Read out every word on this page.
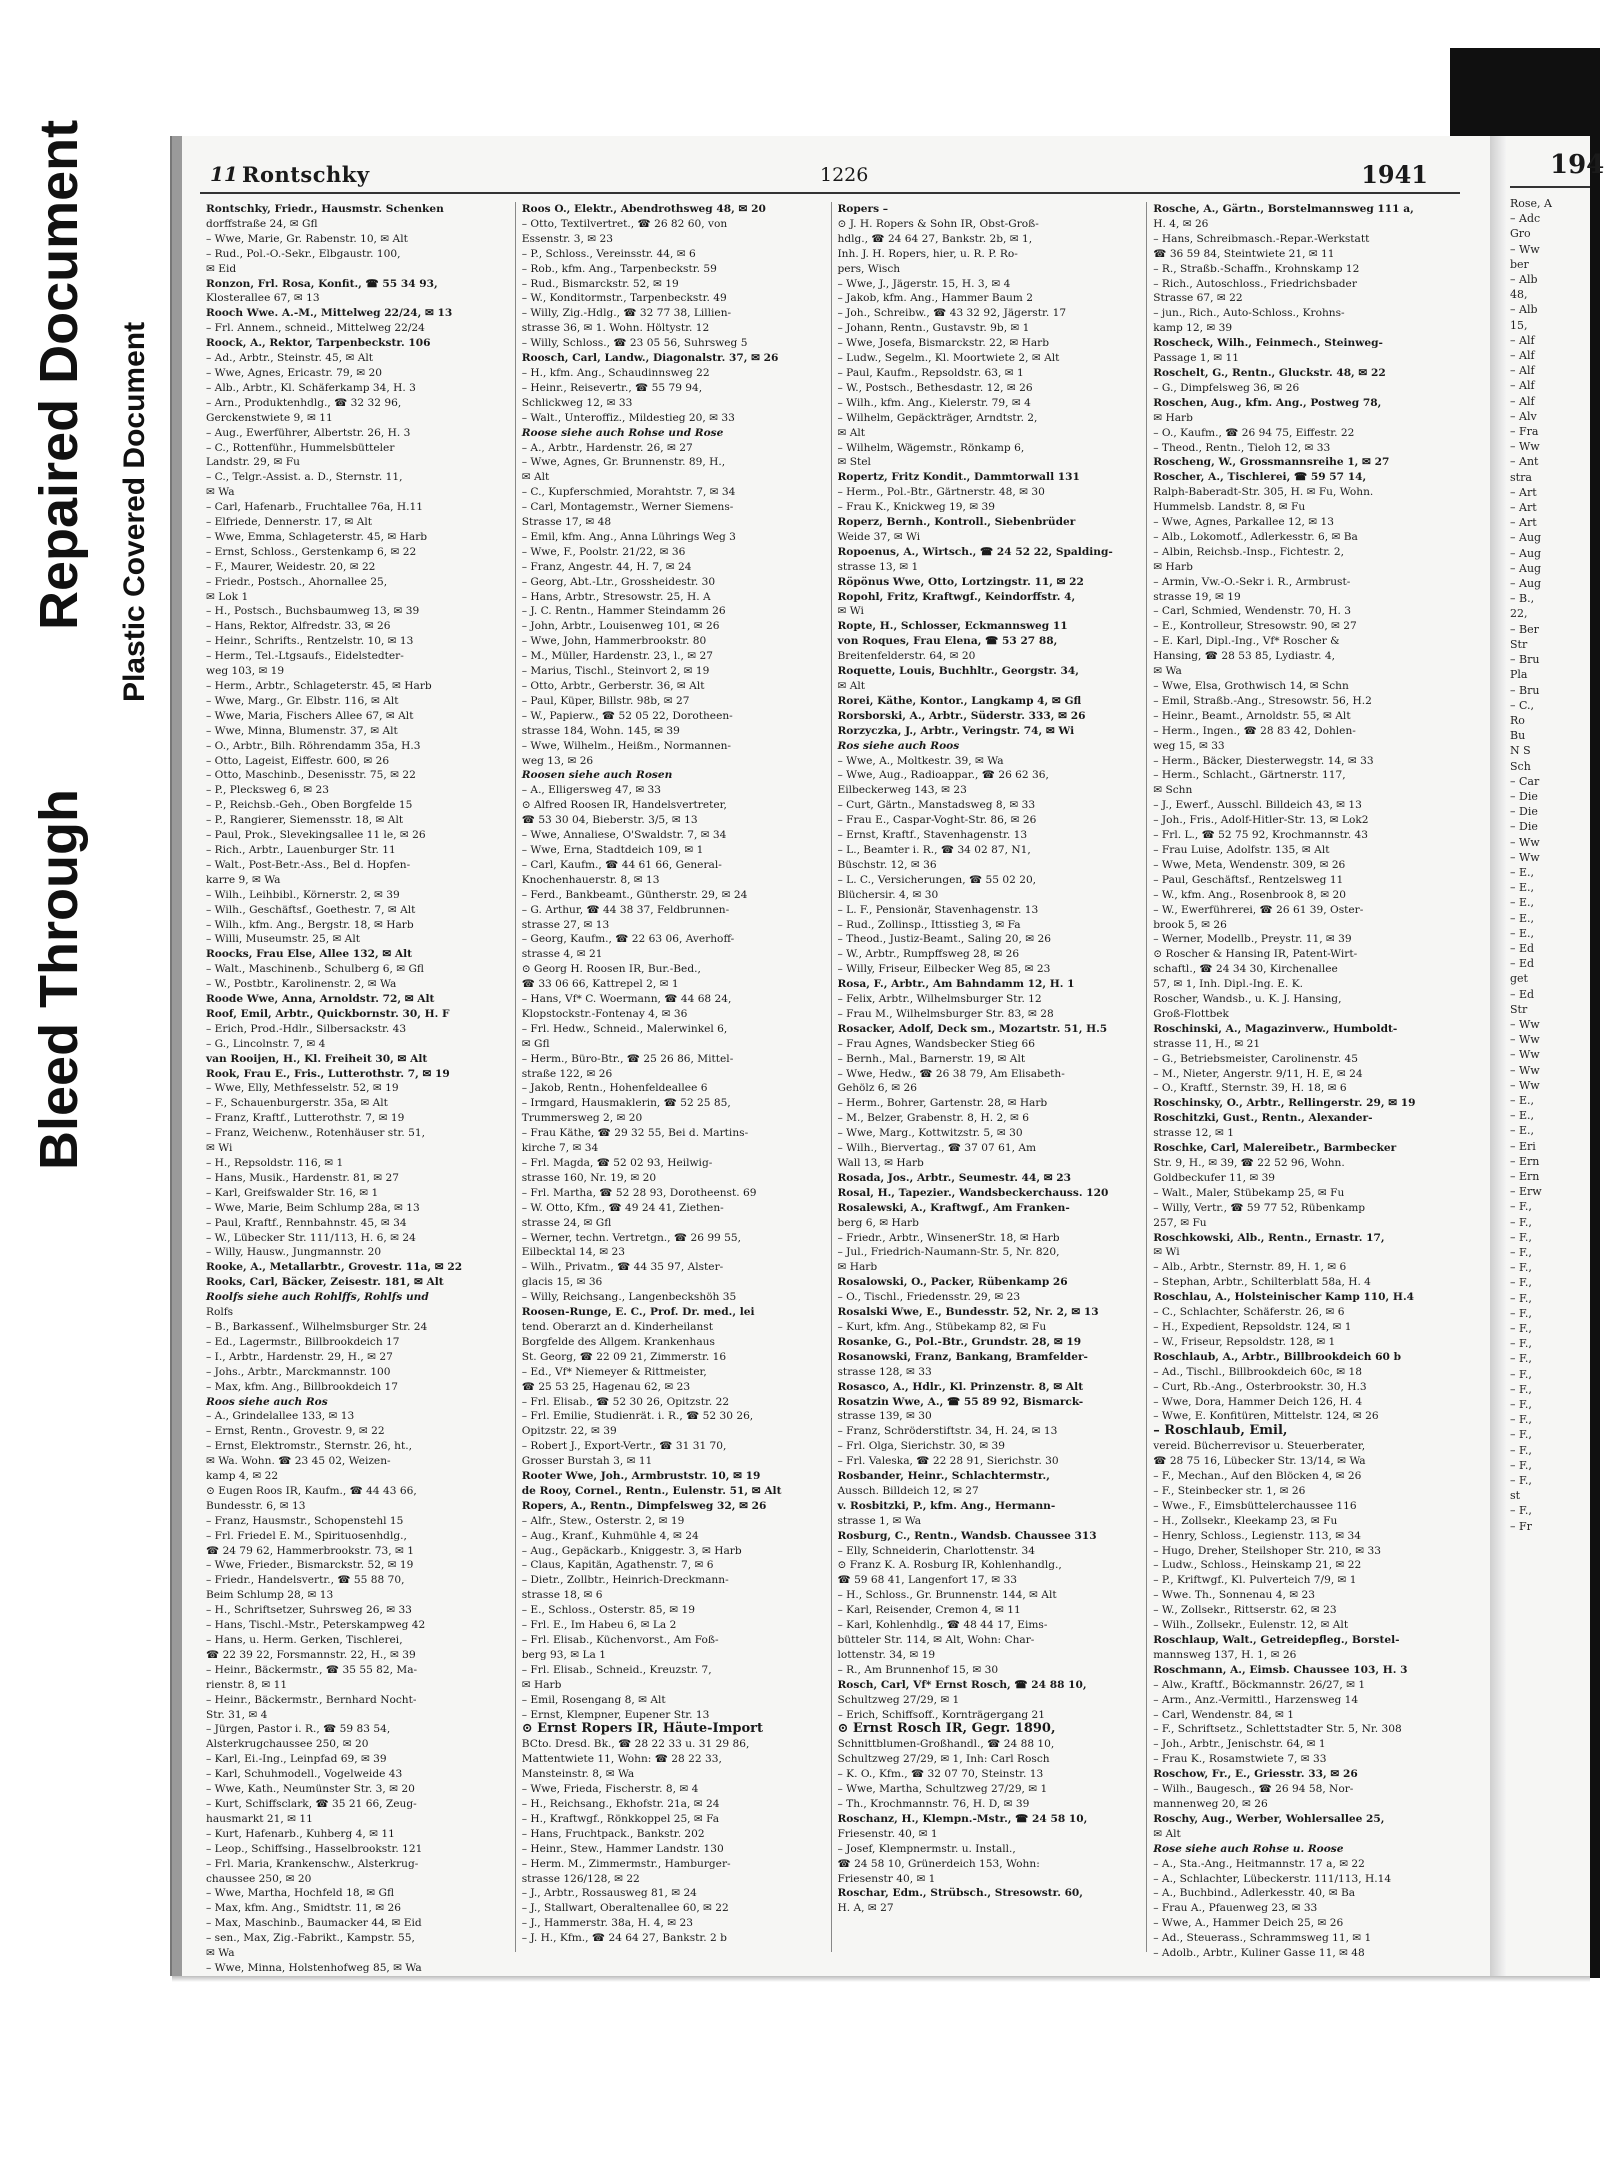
Bleed Through
Repaired Document Plastic Covered Document
11 Rontschky	1226	1941
Rontschky, Friedr., Hausmstr. Schenken
dorffstraße 24, ✉ Gfl
– Wwe, Marie, Gr. Rabenstr. 10, ✉ Alt
– Rud., Pol.-O.-Sekr., Elbgaustr. 100,
✉ Eid
Ronzon, Frl. Rosa, Konfit., ☎ 55 34 93,
Klosterallee 67, ✉ 13
Rooch Wwe. A.-M., Mittelweg 22/24, ✉ 13
– Frl. Annem., schneid., Mittelweg 22/24
Roock, A., Rektor, Tarpenbeckstr. 106
– Ad., Arbtr., Steinstr. 45, ✉ Alt
– Wwe, Agnes, Ericastr. 79, ✉ 20
– Alb., Arbtr., Kl. Schäferkamp 34, H. 3
– Arn., Produktenhdlg., ☎ 32 32 96,
Gerckenstwiete 9, ✉ 11
– Aug., Ewerführer, Albertstr. 26, H. 3
– C., Rottenführ., Hummelsbütteler
Landstr. 29, ✉ Fu
– C., Telgr.-Assist. a. D., Sternstr. 11,
✉ Wa
– Carl, Hafenarb., Fruchtallee 76a, H.11
– Elfriede, Dennerstr. 17, ✉ Alt
– Wwe, Emma, Schlageterstr. 45, ✉ Harb
– Ernst, Schloss., Gerstenkamp 6, ✉ 22
– F., Maurer, Weidestr. 20, ✉ 22
– Friedr., Postsch., Ahornallee 25,
✉ Lok 1
– H., Postsch., Buchsbaumweg 13, ✉ 39
– Hans, Rektor, Alfredstr. 33, ✉ 26
– Heinr., Schrifts., Rentzelstr. 10, ✉ 13
– Herm., Tel.-Ltgsaufs., Eidelstedter-
weg 103, ✉ 19
– Herm., Arbtr., Schlageterstr. 45, ✉ Harb
– Wwe, Marg., Gr. Elbstr. 116, ✉ Alt
– Wwe, Maria, Fischers Allee 67, ✉ Alt
– Wwe, Minna, Blumenstr. 37, ✉ Alt
– O., Arbtr., Bilh. Röhrendamm 35a, H.3
– Otto, Lageist, Eiffestr. 600, ✉ 26
– Otto, Maschinb., Desenisstr. 75, ✉ 22
– P., Plecksweg 6, ✉ 23
– P., Reichsb.-Geh., Oben Borgfelde 15
– P., Rangierer, Siemensstr. 18, ✉ Alt
– Paul, Prok., Slevekingsallee 11 le, ✉ 26
– Rich., Arbtr., Lauenburger Str. 11
– Walt., Post-Betr.-Ass., Bel d. Hopfen-
karre 9, ✉ Wa
– Wilh., Leihbibl., Körnerstr. 2, ✉ 39
– Wilh., Geschäftsf., Goethestr. 7, ✉ Alt
– Wilh., kfm. Ang., Bergstr. 18, ✉ Harb
– Willi, Museumstr. 25, ✉ Alt
Roocks, Frau Else, Allee 132, ✉ Alt
– Walt., Maschinenb., Schulberg 6, ✉ Gfl
– W., Postbtr., Karolinenstr. 2, ✉ Wa
Roode Wwe, Anna, Arnoldstr. 72, ✉ Alt
Roof, Emil, Arbtr., Quickbornstr. 30, H. F
– Erich, Prod.-Hdlr., Silbersackstr. 43
– G., Lincolnstr. 7, ✉ 4
van Rooijen, H., Kl. Freiheit 30, ✉ Alt
Rook, Frau E., Fris., Lutterothstr. 7, ✉ 19
– Wwe, Elly, Methfesselstr. 52, ✉ 19
– F., Schauenburgerstr. 35a, ✉ Alt
– Franz, Kraftf., Lutterothstr. 7, ✉ 19
– Franz, Weichenw., Rotenhäuser str. 51,
✉ Wi
– H., Repsoldstr. 116, ✉ 1
– Hans, Musik., Hardenstr. 81, ✉ 27
– Karl, Greifswalder Str. 16, ✉ 1
– Wwe, Marie, Beim Schlump 28a, ✉ 13
– Paul, Kraftf., Rennbahnstr. 45, ✉ 34
– W., Lübecker Str. 111/113, H. 6, ✉ 24
– Willy, Hausw., Jungmannstr. 20
Rooke, A., Metallarbtr., Grovestr. 11a, ✉ 22
Rooks, Carl, Bäcker, Zeisestr. 181, ✉ Alt
Roolfs siehe auch Rohlffs, Rohlfs und
Rolfs
– B., Barkassenf., Wilhelmsburger Str. 24
– Ed., Lagermstr., Billbrookdeich 17
– I., Arbtr., Hardenstr. 29, H., ✉ 27
– Johs., Arbtr., Marckmannstr. 100
– Max, kfm. Ang., Billbrookdeich 17
Roos siehe auch Ros
– A., Grindelallee 133, ✉ 13
– Ernst, Rentn., Grovestr. 9, ✉ 22
– Ernst, Elektromstr., Sternstr. 26, ht.,
✉ Wa. Wohn. ☎ 23 45 02, Weizen-
kamp 4, ✉ 22
⊙ Eugen Roos IR, Kaufm., ☎ 44 43 66,
Bundesstr. 6, ✉ 13
– Franz, Hausmstr., Schopenstehl 15
– Frl. Friedel E. M., Spirituosenhdlg.,
☎ 24 79 62, Hammerbrookstr. 73, ✉ 1
– Wwe, Frieder., Bismarckstr. 52, ✉ 19
– Friedr., Handelsvertr., ☎ 55 88 70,
Beim Schlump 28, ✉ 13
– H., Schriftsetzer, Suhrsweg 26, ✉ 33
– Hans, Tischl.-Mstr., Peterskampweg 42
– Hans, u. Herm. Gerken, Tischlerei,
☎ 22 39 22, Forsmannstr. 22, H., ✉ 39
– Heinr., Bäckermstr., ☎ 35 55 82, Ma-
rienstr. 8, ✉ 11
– Heinr., Bäckermstr., Bernhard Nocht-
Str. 31, ✉ 4
– Jürgen, Pastor i. R., ☎ 59 83 54,
Alsterkrugchaussee 250, ✉ 20
– Karl, Ei.-Ing., Leinpfad 69, ✉ 39
– Karl, Schuhmodell., Vogelweide 43
– Wwe, Kath., Neumünster Str. 3, ✉ 20
– Kurt, Schiffsclark, ☎ 35 21 66, Zeug-
hausmarkt 21, ✉ 11
– Kurt, Hafenarb., Kuhberg 4, ✉ 11
– Leop., Schiffsing., Hasselbrookstr. 121
– Frl. Maria, Krankenschw., Alsterkrug-
chaussee 250, ✉ 20
– Wwe, Martha, Hochfeld 18, ✉ Gfl
– Max, kfm. Ang., Smidtstr. 11, ✉ 26
– Max, Maschinb., Baumacker 44, ✉ Eid
– sen., Max, Zig.-Fabrikt., Kampstr. 55,
✉ Wa
– Wwe, Minna, Holstenhofweg 85, ✉ Wa
Roos O., Elektr., Abendrothsweg 48, ✉ 20
– Otto, Textilvertret., ☎ 26 82 60, von
Essenstr. 3, ✉ 23
– P., Schloss., Vereinsstr. 44, ✉ 6
– Rob., kfm. Ang., Tarpenbeckstr. 59
– Rud., Bismarckstr. 52, ✉ 19
– W., Konditormstr., Tarpenbeckstr. 49
– Willy, Zig.-Hdlg., ☎ 32 77 38, Lillien-
strasse 36, ✉ 1. Wohn. Höltystr. 12
– Willy, Schloss., ☎ 23 05 56, Suhrsweg 5
Roosch, Carl, Landw., Diagonalstr. 37, ✉ 26
– H., kfm. Ang., Schaudinnsweg 22
– Heinr., Reisevertr., ☎ 55 79 94,
Schlickweg 12, ✉ 33
– Walt., Unteroffiz., Mildestieg 20, ✉ 33
Roose siehe auch Rohse und Rose
– A., Arbtr., Hardenstr. 26, ✉ 27
– Wwe, Agnes, Gr. Brunnenstr. 89, H.,
✉ Alt
– C., Kupferschmied, Morahtstr. 7, ✉ 34
– Carl, Montagemstr., Werner Siemens-
Strasse 17, ✉ 48
– Emil, kfm. Ang., Anna Lührings Weg 3
– Wwe, F., Poolstr. 21/22, ✉ 36
– Franz, Angestr. 44, H. 7, ✉ 24
– Georg, Abt.-Ltr., Grossheidestr. 30
– Hans, Arbtr., Stresowstr. 25, H. A
– J. C. Rentn., Hammer Steindamm 26
– John, Arbtr., Louisenweg 101, ✉ 26
– Wwe, John, Hammerbrookstr. 80
– M., Müller, Hardenstr. 23, l., ✉ 27
– Marius, Tischl., Steinvort 2, ✉ 19
– Otto, Arbtr., Gerberstr. 36, ✉ Alt
– Paul, Küper, Billstr. 98b, ✉ 27
– W., Papierw., ☎ 52 05 22, Dorotheen-
strasse 184, Wohn. 145, ✉ 39
– Wwe, Wilhelm., Heißm., Normannen-
weg 13, ✉ 26
Roosen siehe auch Rosen
– A., Elligersweg 47, ✉ 33
⊙ Alfred Roosen IR, Handelsvertreter,
☎ 53 30 04, Bieberstr. 3/5, ✉ 13
– Wwe, Annaliese, O'Swaldstr. 7, ✉ 34
– Wwe, Erna, Stadtdeich 109, ✉ 1
– Carl, Kaufm., ☎ 44 61 66, General-
Knochenhauerstr. 8, ✉ 13
– Ferd., Bankbeamt., Güntherstr. 29, ✉ 24
– G. Arthur, ☎ 44 38 37, Feldbrunnen-
strasse 27, ✉ 13
– Georg, Kaufm., ☎ 22 63 06, Averhoff-
strasse 4, ✉ 21
⊙ Georg H. Roosen IR, Bur.-Bed.,
☎ 33 06 66, Kattrepel 2, ✉ 1
– Hans, Vf* C. Woermann, ☎ 44 68 24,
Klopstockstr.-Fontenay 4, ✉ 36
– Frl. Hedw., Schneid., Malerwinkel 6,
✉ Gfl
– Herm., Büro-Btr., ☎ 25 26 86, Mittel-
straße 122, ✉ 26
– Jakob, Rentn., Hohenfeldeallee 6
– Irmgard, Hausmaklerin, ☎ 52 25 85,
Trummersweg 2, ✉ 20
– Frau Käthe, ☎ 29 32 55, Bei d. Martins-
kirche 7, ✉ 34
– Frl. Magda, ☎ 52 02 93, Heilwig-
strasse 160, Nr. 19, ✉ 20
– Frl. Martha, ☎ 52 28 93, Dorotheenst. 69
– W. Otto, Kfm., ☎ 49 24 41, Ziethen-
strasse 24, ✉ Gfl
– Werner, techn. Vertretgn., ☎ 26 99 55,
Eilbecktal 14, ✉ 23
– Wilh., Privatm., ☎ 44 35 97, Alster-
glacis 15, ✉ 36
– Willy, Reichsang., Langenbeckshöh 35
Roosen-Runge, E. C., Prof. Dr. med., lei
tend. Oberarzt an d. Kinderheilanst
Borgfelde des Allgem. Krankenhaus
St. Georg, ☎ 22 09 21, Zimmerstr. 16
– Ed., Vf* Niemeyer & Rittmeister,
☎ 25 53 25, Hagenau 62, ✉ 23
– Frl. Elisab., ☎ 52 30 26, Opitzstr. 22
– Frl. Emilie, Studienrät. i. R., ☎ 52 30 26,
Opitzstr. 22, ✉ 39
– Robert J., Export-Vertr., ☎ 31 31 70,
Grosser Burstah 3, ✉ 11
Rooter Wwe, Joh., Armbruststr. 10, ✉ 19
de Rooy, Cornel., Rentn., Eulenstr. 51, ✉ Alt
Ropers, A., Rentn., Dimpfelsweg 32, ✉ 26
– Alfr., Stew., Osterstr. 2, ✉ 19
– Aug., Kranf., Kuhmühle 4, ✉ 24
– Aug., Gepäckarb., Kniggestr. 3, ✉ Harb
– Claus, Kapitän, Agathenstr. 7, ✉ 6
– Dietr., Zollbtr., Heinrich-Dreckmann-
strasse 18, ✉ 6
– E., Schloss., Osterstr. 85, ✉ 19
– Frl. E., Im Habeu 6, ✉ La 2
– Frl. Elisab., Küchenvorst., Am Foß-
berg 93, ✉ La 1
– Frl. Elisab., Schneid., Kreuzstr. 7,
✉ Harb
– Emil, Rosengang 8, ✉ Alt
– Ernst, Klempner, Eupener Str. 13
⊙ Ernst Ropers IR, Häute-Import
BCto. Dresd. Bk., ☎ 28 22 33 u. 31 29 86,
Mattentwiete 11, Wohn: ☎ 28 22 33,
Mansteinstr. 8, ✉ Wa
– Wwe, Frieda, Fischerstr. 8, ✉ 4
– H., Reichsang., Ekhofstr. 21a, ✉ 24
– H., Kraftwgf., Rönkkoppel 25, ✉ Fa
– Hans, Fruchtpack., Bankstr. 202
– Heinr., Stew., Hammer Landstr. 130
– Herm. M., Zimmermstr., Hamburger-
strasse 126/128, ✉ 22
– J., Arbtr., Rossausweg 81, ✉ 24
– J., Stallwart, Oberaltenallee 60, ✉ 22
– J., Hammerstr. 38a, H. 4, ✉ 23
– J. H., Kfm., ☎ 24 64 27, Bankstr. 2 b
Ropers –
⊙ J. H. Ropers & Sohn IR, Obst-Groß-
hdlg., ☎ 24 64 27, Bankstr. 2b, ✉ 1,
Inh. J. H. Ropers, hier, u. R. P. Ro-
pers, Wisch
– Wwe, J., Jägerstr. 15, H. 3, ✉ 4
– Jakob, kfm. Ang., Hammer Baum 2
– Joh., Schreibw., ☎ 43 32 92, Jägerstr. 17
– Johann, Rentn., Gustavstr. 9b, ✉ 1
– Wwe, Josefa, Bismarckstr. 22, ✉ Harb
– Ludw., Segelm., Kl. Moortwiete 2, ✉ Alt
– Paul, Kaufm., Repsoldstr. 63, ✉ 1
– W., Postsch., Bethesdastr. 12, ✉ 26
– Wilh., kfm. Ang., Kielerstr. 79, ✉ 4
– Wilhelm, Gepäckträger, Arndtstr. 2,
✉ Alt
– Wilhelm, Wägemstr., Rönkamp 6,
✉ Stel
Ropertz, Fritz Kondit., Dammtorwall 131
– Herm., Pol.-Btr., Gärtnerstr. 48, ✉ 30
– Frau K., Knickweg 19, ✉ 39
Roperz, Bernh., Kontroll., Siebenbrüder
Weide 37, ✉ Wi
Ropoenus, A., Wirtsch., ☎ 24 52 22, Spalding-
strasse 13, ✉ 1
Röpönus Wwe, Otto, Lortzingstr. 11, ✉ 22
Ropohl, Fritz, Kraftwgf., Keindorffstr. 4,
✉ Wi
Ropte, H., Schlosser, Eckmannsweg 11
von Roques, Frau Elena, ☎ 53 27 88,
Breitenfelderstr. 64, ✉ 20
Roquette, Louis, Buchhltr., Georgstr. 34,
✉ Alt
Rorei, Käthe, Kontor., Langkamp 4, ✉ Gfl
Rorsborski, A., Arbtr., Süderstr. 333, ✉ 26
Rorzyczka, J., Arbtr., Veringstr. 74, ✉ Wi
Ros siehe auch Roos
– Wwe, A., Moltkestr. 39, ✉ Wa
– Wwe, Aug., Radioappar., ☎ 26 62 36,
Eilbeckerweg 143, ✉ 23
– Curt, Gärtn., Manstadsweg 8, ✉ 33
– Frau E., Caspar-Voght-Str. 86, ✉ 26
– Ernst, Kraftf., Stavenhagenstr. 13
– L., Beamter i. R., ☎ 34 02 87, N1,
Büschstr. 12, ✉ 36
– L. C., Versicherungen, ☎ 55 02 20,
Blüchersir. 4, ✉ 30
– L. F., Pensionär, Stavenhagenstr. 13
– Rud., Zollinsp., Ittisstieg 3, ✉ Fa
– Theod., Justiz-Beamt., Saling 20, ✉ 26
– W., Arbtr., Rumpffsweg 28, ✉ 26
– Willy, Friseur, Eilbecker Weg 85, ✉ 23
Rosa, F., Arbtr., Am Bahndamm 12, H. 1
– Felix, Arbtr., Wilhelmsburger Str. 12
– Frau M., Wilhelmsburger Str. 83, ✉ 28
Rosacker, Adolf, Deck sm., Mozartstr. 51, H.5
– Frau Agnes, Wandsbecker Stieg 66
– Bernh., Mal., Barnerstr. 19, ✉ Alt
– Wwe, Hedw., ☎ 26 38 79, Am Elisabeth-
Gehölz 6, ✉ 26
– Herm., Bohrer, Gartenstr. 28, ✉ Harb
– M., Belzer, Grabenstr. 8, H. 2, ✉ 6
– Wwe, Marg., Kottwitzstr. 5, ✉ 30
– Wilh., Biervertag., ☎ 37 07 61, Am
Wall 13, ✉ Harb
Rosada, Jos., Arbtr., Seumestr. 44, ✉ 23
Rosal, H., Tapezier., Wandsbeckerchauss. 120
Rosalewski, A., Kraftwgf., Am Franken-
berg 6, ✉ Harb
– Friedr., Arbtr., WinsenerStr. 18, ✉ Harb
– Jul., Friedrich-Naumann-Str. 5, Nr. 820,
✉ Harb
Rosalowski, O., Packer, Rübenkamp 26
– O., Tischl., Friedensstr. 29, ✉ 23
Rosalski Wwe, E., Bundesstr. 52, Nr. 2, ✉ 13
– Kurt, kfm. Ang., Stübekamp 82, ✉ Fu
Rosanke, G., Pol.-Btr., Grundstr. 28, ✉ 19
Rosanowski, Franz, Bankang, Bramfelder-
strasse 128, ✉ 33
Rosasco, A., Hdlr., Kl. Prinzenstr. 8, ✉ Alt
Rosatzin Wwe, A., ☎ 55 89 92, Bismarck-
strasse 139, ✉ 30
– Franz, Schröderstiftstr. 34, H. 24, ✉ 13
– Frl. Olga, Sierichstr. 30, ✉ 39
– Frl. Valeska, ☎ 22 28 91, Sierichstr. 30
Rosbander, Heinr., Schlachtermstr.,
Aussch. Billdeich 12, ✉ 27
v. Rosbitzki, P., kfm. Ang., Hermann-
strasse 1, ✉ Wa
Rosburg, C., Rentn., Wandsb. Chaussee 313
– Elly, Schneiderin, Charlottenstr. 34
⊙ Franz K. A. Rosburg IR, Kohlenhandlg.,
☎ 59 68 41, Langenfort 17, ✉ 33
– H., Schloss., Gr. Brunnenstr. 144, ✉ Alt
– Karl, Reisender, Cremon 4, ✉ 11
– Karl, Kohlenhdlg., ☎ 48 44 17, Eims-
bütteler Str. 114, ✉ Alt, Wohn: Char-
lottenstr. 34, ✉ 19
– R., Am Brunnenhof 15, ✉ 30
Rosch, Carl, Vf* Ernst Rosch, ☎ 24 88 10,
Schultzweg 27/29, ✉ 1
– Erich, Schiffsoff., Kornträgergang 21
⊙ Ernst Rosch IR, Gegr. 1890,
Schnittblumen-Großhandl., ☎ 24 88 10,
Schultzweg 27/29, ✉ 1, Inh: Carl Rosch
– K. O., Kfm., ☎ 32 07 70, Steinstr. 13
– Wwe, Martha, Schultzweg 27/29, ✉ 1
– Th., Krochmannstr. 76, H. D, ✉ 39
Roschanz, H., Klempn.-Mstr., ☎ 24 58 10,
Friesenstr. 40, ✉ 1
– Josef, Klempnermstr. u. Install.,
☎ 24 58 10, Grünerdeich 153, Wohn:
Friesenstr 40, ✉ 1
Roschar, Edm., Strübsch., Stresowstr. 60,
H. A, ✉ 27
Rosche, A., Gärtn., Borstelmannsweg 111 a,
H. 4, ✉ 26
– Hans, Schreibmasch.-Repar.-Werkstatt
☎ 36 59 84, Steintwiete 21, ✉ 11
– R., Straßb.-Schaffn., Krohnskamp 12
– Rich., Autoschloss., Friedrichsbader
Strasse 67, ✉ 22
– jun., Rich., Auto-Schloss., Krohns-
kamp 12, ✉ 39
Roscheck, Wilh., Feinmech., Steinweg-
Passage 1, ✉ 11
Roschelt, G., Rentn., Gluckstr. 48, ✉ 22
– G., Dimpfelsweg 36, ✉ 26
Roschen, Aug., kfm. Ang., Postweg 78,
✉ Harb
– O., Kaufm., ☎ 26 94 75, Eiffestr. 22
– Theod., Rentn., Tieloh 12, ✉ 33
Roscheng, W., Grossmannsreihe 1, ✉ 27
Roscher, A., Tischlerei, ☎ 59 57 14,
Ralph-Baberadt-Str. 305, H. ✉ Fu, Wohn.
Hummelsb. Landstr. 8, ✉ Fu
– Wwe, Agnes, Parkallee 12, ✉ 13
– Alb., Lokomotf., Adlerkesstr. 6, ✉ Ba
– Albin, Reichsb.-Insp., Fichtestr. 2,
✉ Harb
– Armin, Vw.-O.-Sekr i. R., Armbrust-
strasse 19, ✉ 19
– Carl, Schmied, Wendenstr. 70, H. 3
– E., Kontrolleur, Stresowstr. 90, ✉ 27
– E. Karl, Dipl.-Ing., Vf* Roscher &
Hansing, ☎ 28 53 85, Lydiastr. 4,
✉ Wa
– Wwe, Elsa, Grothwisch 14, ✉ Schn
– Emil, Straßb.-Ang., Stresowstr. 56, H.2
– Heinr., Beamt., Arnoldstr. 55, ✉ Alt
– Herm., Ingen., ☎ 28 83 42, Dohlen-
weg 15, ✉ 33
– Herm., Bäcker, Diesterwegstr. 14, ✉ 33
– Herm., Schlacht., Gärtnerstr. 117,
✉ Schn
– J., Ewerf., Ausschl. Billdeich 43, ✉ 13
– Joh., Fris., Adolf-Hitler-Str. 13, ✉ Lok2
– Frl. L., ☎ 52 75 92, Krochmannstr. 43
– Frau Luise, Adolfstr. 135, ✉ Alt
– Wwe, Meta, Wendenstr. 309, ✉ 26
– Paul, Geschäftsf., Rentzelsweg 11
– W., kfm. Ang., Rosenbrook 8, ✉ 20
– W., Ewerführerei, ☎ 26 61 39, Oster-
brook 5, ✉ 26
– Werner, Modellb., Preystr. 11, ✉ 39
⊙ Roscher & Hansing IR, Patent-Wirt-
schaftl., ☎ 24 34 30, Kirchenallee
57, ✉ 1, Inh. Dipl.-Ing. E. K.
Roscher, Wandsb., u. K. J. Hansing,
Groß-Flottbek
Roschinski, A., Magazinverw., Humboldt-
strasse 11, H., ✉ 21
– G., Betriebsmeister, Carolinenstr. 45
– M., Nieter, Angerstr. 9/11, H. E, ✉ 24
– O., Kraftf., Sternstr. 39, H. 18, ✉ 6
Roschinsky, O., Arbtr., Rellingerstr. 29, ✉ 19
Roschitzki, Gust., Rentn., Alexander-
strasse 12, ✉ 1
Roschke, Carl, Malereibetr., Barmbecker
Str. 9, H., ✉ 39, ☎ 22 52 96, Wohn.
Goldbeckufer 11, ✉ 39
– Walt., Maler, Stübekamp 25, ✉ Fu
– Willy, Vertr., ☎ 59 77 52, Rübenkamp
257, ✉ Fu
Roschkowski, Alb., Rentn., Ernastr. 17,
✉ Wi
– Alb., Arbtr., Sternstr. 89, H. 1, ✉ 6
– Stephan, Arbtr., Schilterblatt 58a, H. 4
Roschlau, A., Holsteinischer Kamp 110, H.4
– C., Schlachter, Schäferstr. 26, ✉ 6
– H., Expedient, Repsoldstr. 124, ✉ 1
– W., Friseur, Repsoldstr. 128, ✉ 1
Roschlaub, A., Arbtr., Billbrookdeich 60 b
– Ad., Tischl., Billbrookdeich 60c, ✉ 18
– Curt, Rb.-Ang., Osterbrookstr. 30, H.3
– Wwe, Dora, Hammer Deich 126, H. 4
– Wwe, E. Konfitüren, Mittelstr. 124, ✉ 26
– Roschlaub, Emil,
vereid. Bücherrevisor u. Steuerberater,
☎ 28 75 16, Lübecker Str. 13/14, ✉ Wa
– F., Mechan., Auf den Blöcken 4, ✉ 26
– F., Steinbecker str. 1, ✉ 26
– Wwe., F., Eimsbüttelerchaussee 116
– H., Zollsekr., Kleekamp 23, ✉ Fu
– Henry, Schloss., Legienstr. 113, ✉ 34
– Hugo, Dreher, Steilshoper Str. 210, ✉ 33
– Ludw., Schloss., Heinskamp 21, ✉ 22
– P., Kriftwgf., Kl. Pulverteich 7/9, ✉ 1
– Wwe. Th., Sonnenau 4, ✉ 23
– W., Zollsekr., Rittserstr. 62, ✉ 23
– Wilh., Zollsekr., Eulenstr. 12, ✉ Alt
Roschlaup, Walt., Getreidepfleg., Borstel-
mannsweg 137, H. 1, ✉ 26
Roschmann, A., Eimsb. Chaussee 103, H. 3
– Alw., Kraftf., Böckmannstr. 26/27, ✉ 1
– Arm., Anz.-Vermittl., Harzensweg 14
– Carl, Wendenstr. 84, ✉ 1
– F., Schriftsetz., Schlettstadter Str. 5, Nr. 308
– Joh., Arbtr., Jenischstr. 64, ✉ 1
– Frau K., Rosamstwiete 7, ✉ 33
Roschow, Fr., E., Griesstr. 33, ✉ 26
– Wilh., Baugesch., ☎ 26 94 58, Nor-
mannenweg 20, ✉ 26
Roschy, Aug., Werber, Wohlersallee 25,
✉ Alt
Rose siehe auch Rohse u. Roose
– A., Sta.-Ang., Heitmannstr. 17 a, ✉ 22
– A., Schlachter, Lübeckerstr. 111/113, H.14
– A., Buchbind., Adlerkesstr. 40, ✉ Ba
– Frau A., Pfauenweg 23, ✉ 33
– Wwe, A., Hammer Deich 25, ✉ 26
– Ad., Steuerass., Schrammsweg 11, ✉ 1
– Adolb., Arbtr., Kuliner Gasse 11, ✉ 48
194
Rose, A
– Adc
Gro
– Ww
ber
– Alb
48,
– Alb
15,
– Alf
– Alf
– Alf
– Alf
– Alf
– Alv
– Fra
– Ww
– Ant
stra
– Art
– Art
– Art
– Aug
– Aug
– Aug
– Aug
– B.,
22,
– Ber
Str
– Bru
Pla
– Bru
– C.,
Ro
Bu
N S
Sch
– Car
– Die
– Die
– Die
– Ww
– Ww
– E.,
– E.,
– E.,
– E.,
– E.,
– Ed
– Ed
get
– Ed
Str
– Ww
– Ww
– Ww
– Ww
– Ww
– E.,
– E.,
– E.,
– Eri
– Ern
– Ern
– Erw
– F.,
– F.,
– F.,
– F.,
– F.,
– F.,
– F.,
– F.,
– F.,
– F.,
– F.,
– F.,
– F.,
– F.,
– F.,
– F.,
– F.,
– F.,
– F.,
st
– F.,
– Fr
